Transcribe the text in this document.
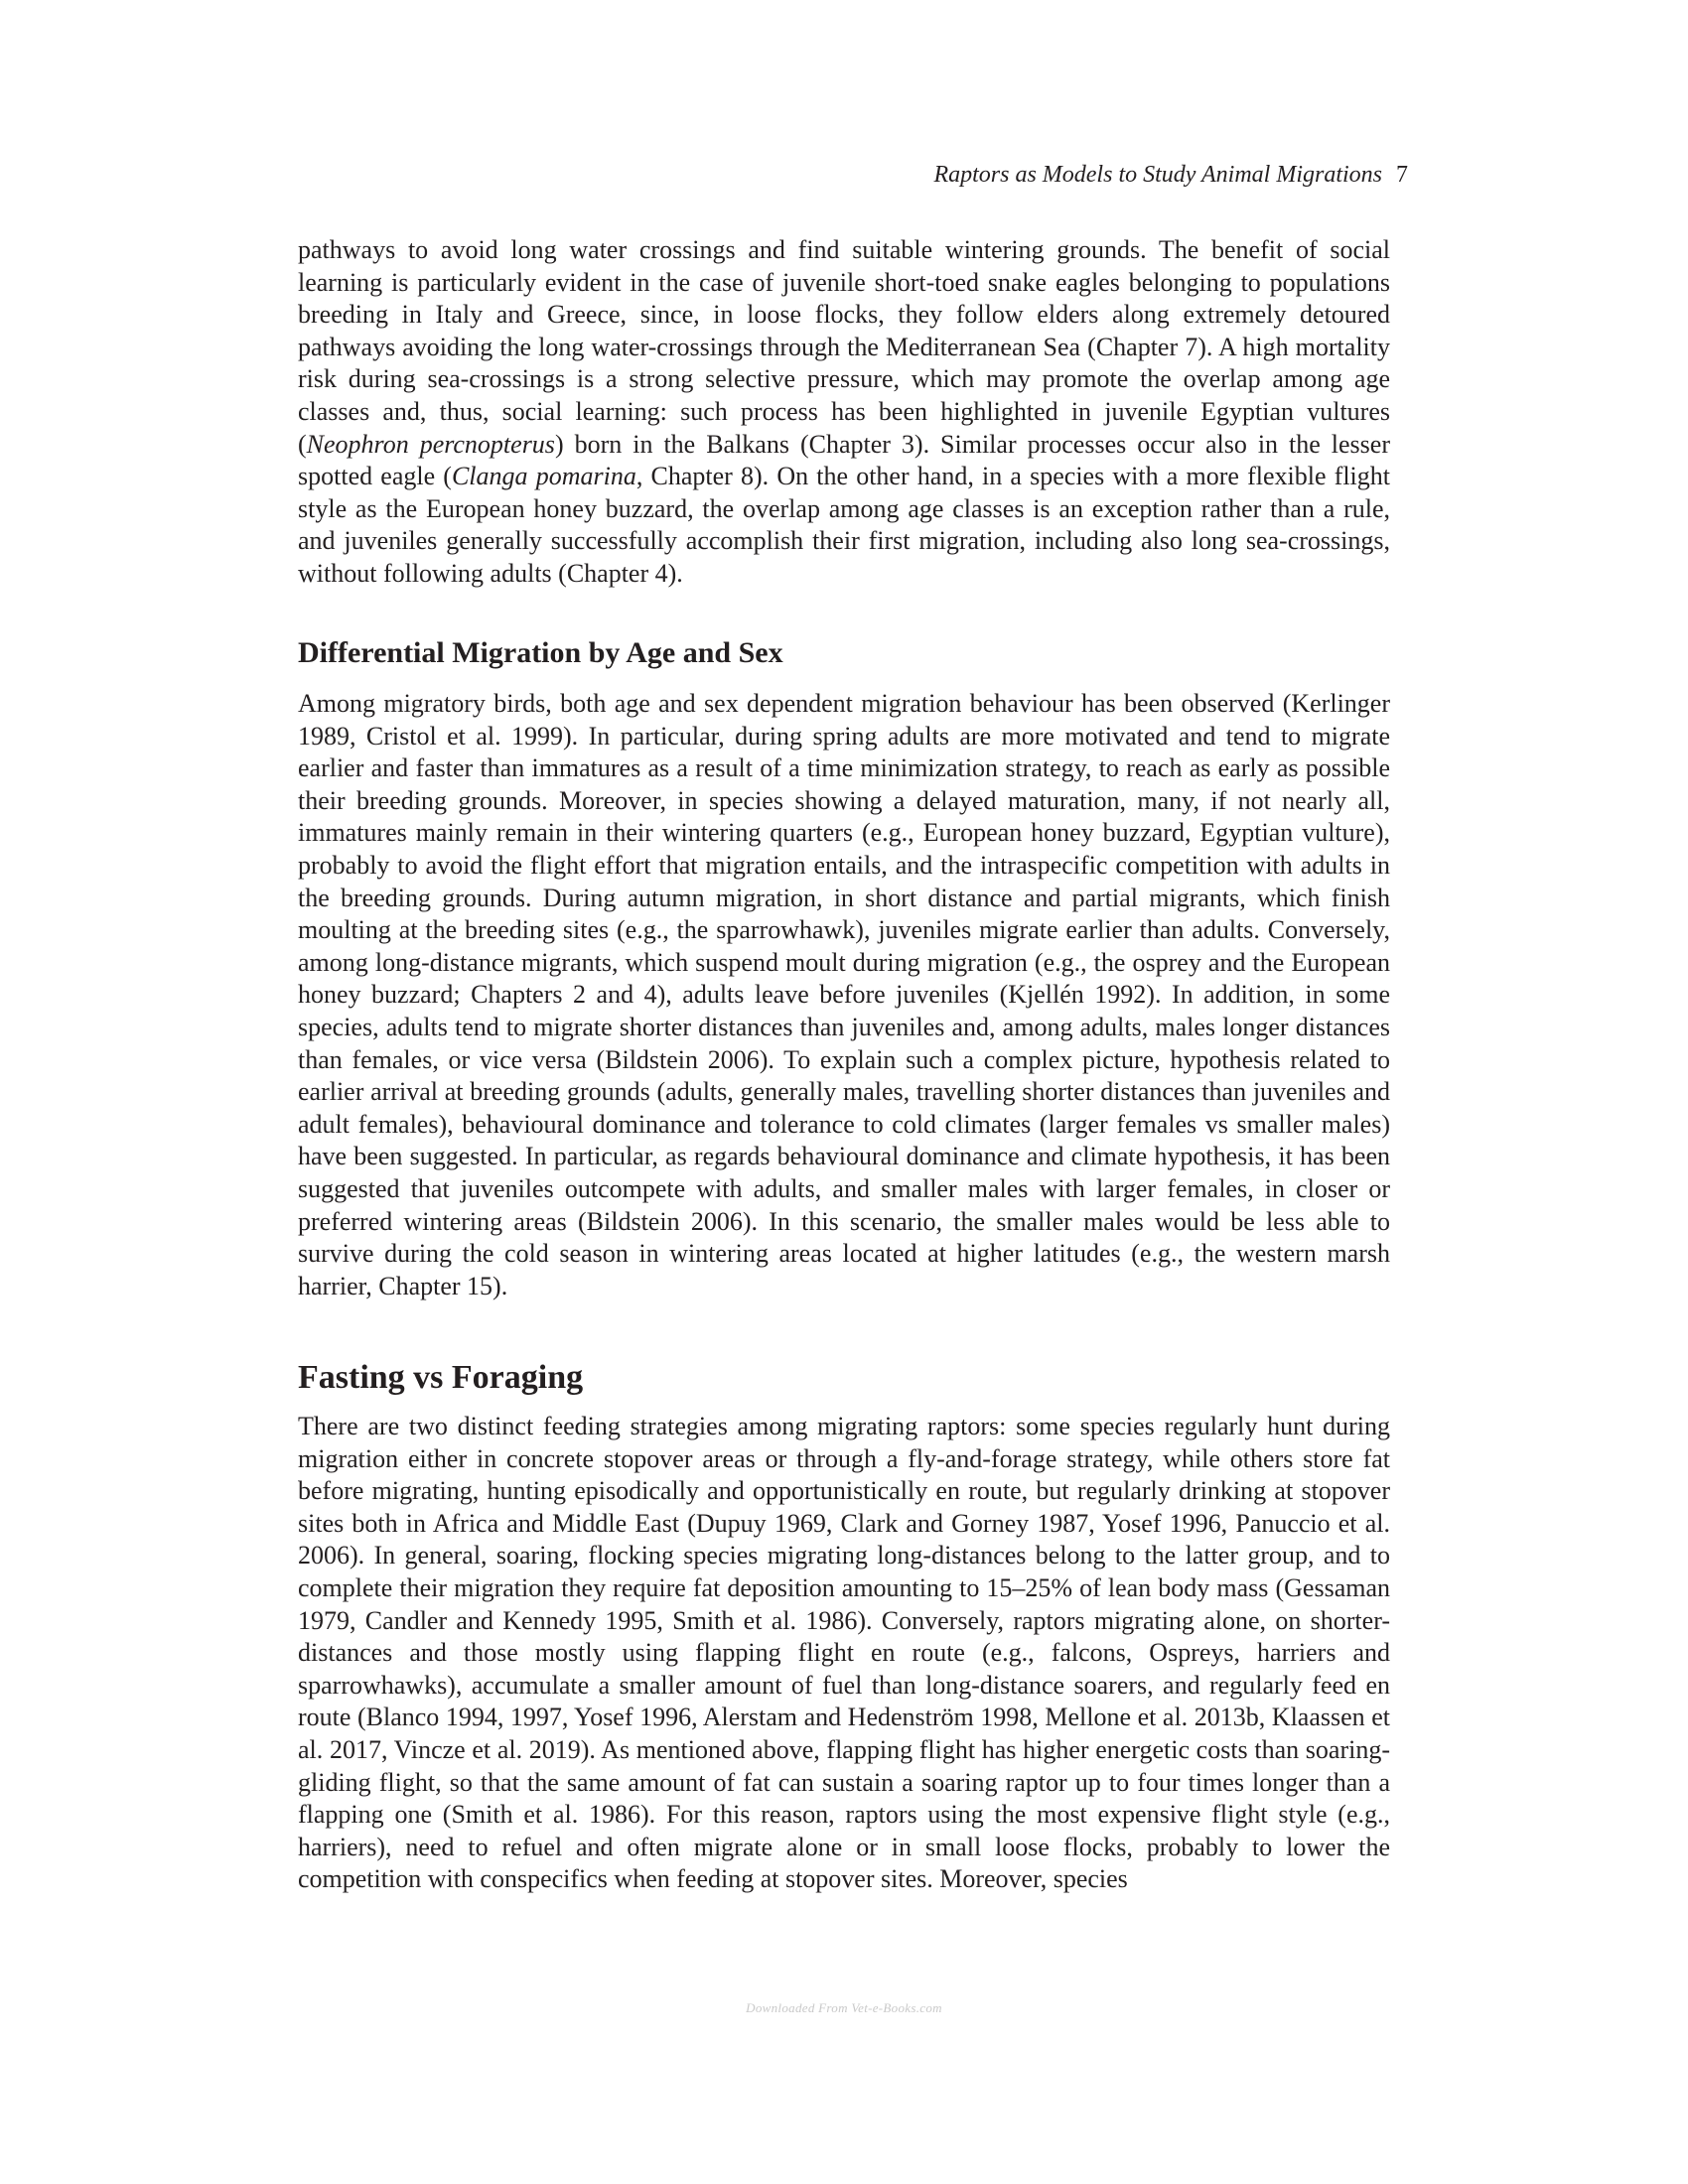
Raptors as Models to Study Animal Migrations 7

pathways to avoid long water crossings and find suitable wintering grounds. The benefit of social learning is particularly evident in the case of juvenile short-toed snake eagles belonging to populations breeding in Italy and Greece, since, in loose flocks, they follow elders along extremely detoured pathways avoiding the long water-crossings through the Mediterranean Sea (Chapter 7). A high mortality risk during sea-crossings is a strong selective pressure, which may promote the overlap among age classes and, thus, social learning: such process has been highlighted in juvenile Egyptian vultures (Neophron percnopterus) born in the Balkans (Chapter 3). Similar processes occur also in the lesser spotted eagle (Clanga pomarina, Chapter 8). On the other hand, in a species with a more flexible flight style as the European honey buzzard, the overlap among age classes is an exception rather than a rule, and juveniles generally successfully accomplish their first migration, including also long sea-crossings, without following adults (Chapter 4).

Differential Migration by Age and Sex

Among migratory birds, both age and sex dependent migration behaviour has been observed (Kerlinger 1989, Cristol et al. 1999). In particular, during spring adults are more motivated and tend to migrate earlier and faster than immatures as a result of a time minimization strategy, to reach as early as possible their breeding grounds. Moreover, in species showing a delayed maturation, many, if not nearly all, immatures mainly remain in their wintering quarters (e.g., European honey buzzard, Egyptian vulture), probably to avoid the flight effort that migration entails, and the intraspecific competition with adults in the breeding grounds. During autumn migration, in short distance and partial migrants, which finish moulting at the breeding sites (e.g., the sparrowhawk), juveniles migrate earlier than adults. Conversely, among long-distance migrants, which suspend moult during migration (e.g., the osprey and the European honey buzzard; Chapters 2 and 4), adults leave before juveniles (Kjellén 1992). In addition, in some species, adults tend to migrate shorter distances than juveniles and, among adults, males longer distances than females, or vice versa (Bildstein 2006). To explain such a complex picture, hypothesis related to earlier arrival at breeding grounds (adults, generally males, travelling shorter distances than juveniles and adult females), behavioural dominance and tolerance to cold climates (larger females vs smaller males) have been suggested. In particular, as regards behavioural dominance and climate hypothesis, it has been suggested that juveniles outcompete with adults, and smaller males with larger females, in closer or preferred wintering areas (Bildstein 2006). In this scenario, the smaller males would be less able to survive during the cold season in wintering areas located at higher latitudes (e.g., the western marsh harrier, Chapter 15).

Fasting vs Foraging

There are two distinct feeding strategies among migrating raptors: some species regularly hunt during migration either in concrete stopover areas or through a fly-and-forage strategy, while others store fat before migrating, hunting episodically and opportunistically en route, but regularly drinking at stopover sites both in Africa and Middle East (Dupuy 1969, Clark and Gorney 1987, Yosef 1996, Panuccio et al. 2006). In general, soaring, flocking species migrating long-distances belong to the latter group, and to complete their migration they require fat deposition amounting to 15–25% of lean body mass (Gessaman 1979, Candler and Kennedy 1995, Smith et al. 1986). Conversely, raptors migrating alone, on shorter-distances and those mostly using flapping flight en route (e.g., falcons, Ospreys, harriers and sparrowhawks), accumulate a smaller amount of fuel than long-distance soarers, and regularly feed en route (Blanco 1994, 1997, Yosef 1996, Alerstam and Hedenström 1998, Mellone et al. 2013b, Klaassen et al. 2017, Vincze et al. 2019). As mentioned above, flapping flight has higher energetic costs than soaring-gliding flight, so that the same amount of fat can sustain a soaring raptor up to four times longer than a flapping one (Smith et al. 1986). For this reason, raptors using the most expensive flight style (e.g., harriers), need to refuel and often migrate alone or in small loose flocks, probably to lower the competition with conspecifics when feeding at stopover sites. Moreover, species

Downloaded From Vet-e-Books.com
